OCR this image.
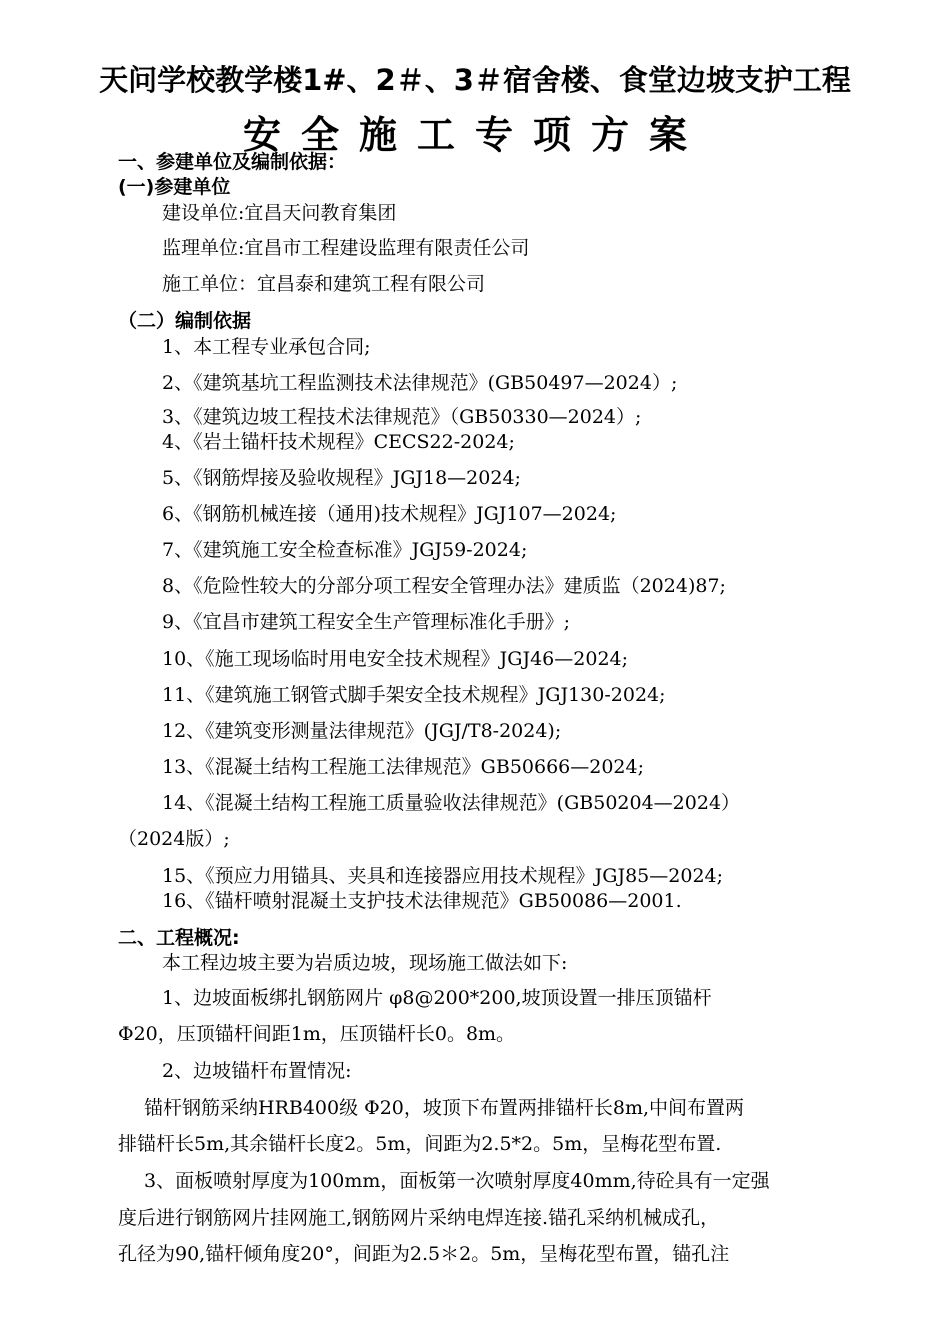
天问学校教学楼1#、2＃、3＃宿舍楼、食堂边坡支护工程
安全施工专项方案
一、参建单位及编制依据：
(一)参建单位
建设单位:宜昌天问教育集团
监理单位:宜昌市工程建设监理有限责任公司
施工单位：宜昌泰和建筑工程有限公司
（二）编制依据
1、本工程专业承包合同;
2、《建筑基坑工程监测技术法律规范》(GB50497—2024）;
3、《建筑边坡工程技术法律规范》（GB50330—2024）;
4、《岩土锚杆技术规程》CECS22-2024;
5、《钢筋焊接及验收规程》JGJ18—2024;
6、《钢筋机械连接（通用)技术规程》JGJ107—2024;
7、《建筑施工安全检查标准》JGJ59-2024;
8、《危险性较大的分部分项工程安全管理办法》建质监（2024)87;
9、《宜昌市建筑工程安全生产管理标准化手册》;
10、《施工现场临时用电安全技术规程》JGJ46—2024;
11、《建筑施工钢管式脚手架安全技术规程》JGJ130-2024;
12、《建筑变形测量法律规范》(JGJ/T8-2024);
13、《混凝土结构工程施工法律规范》GB50666—2024;
14、《混凝土结构工程施工质量验收法律规范》(GB50204—2024）
（2024版）;
15、《预应力用锚具、夹具和连接器应用技术规程》JGJ85—2024;
16、《锚杆喷射混凝土支护技术法律规范》GB50086—2001.
二、工程概况:
本工程边坡主要为岩质边坡，现场施工做法如下:
1、边坡面板绑扎钢筋网片 φ8@200*200,坡顶设置一排压顶锚杆
Φ20，压顶锚杆间距1m，压顶锚杆长0。8m。
2、边坡锚杆布置情况:
锚杆钢筋采纳HRB400级 Φ20，坡顶下布置两排锚杆长8m,中间布置两
排锚杆长5m,其余锚杆长度2。5m，间距为2.5*2。5m，呈梅花型布置.
3、面板喷射厚度为100mm，面板第一次喷射厚度40mm,待砼具有一定强
度后进行钢筋网片挂网施工,钢筋网片采纳电焊连接.锚孔采纳机械成孔，
孔径为90,锚杆倾角度20°，间距为2.5＊2。5m，呈梅花型布置，锚孔注
